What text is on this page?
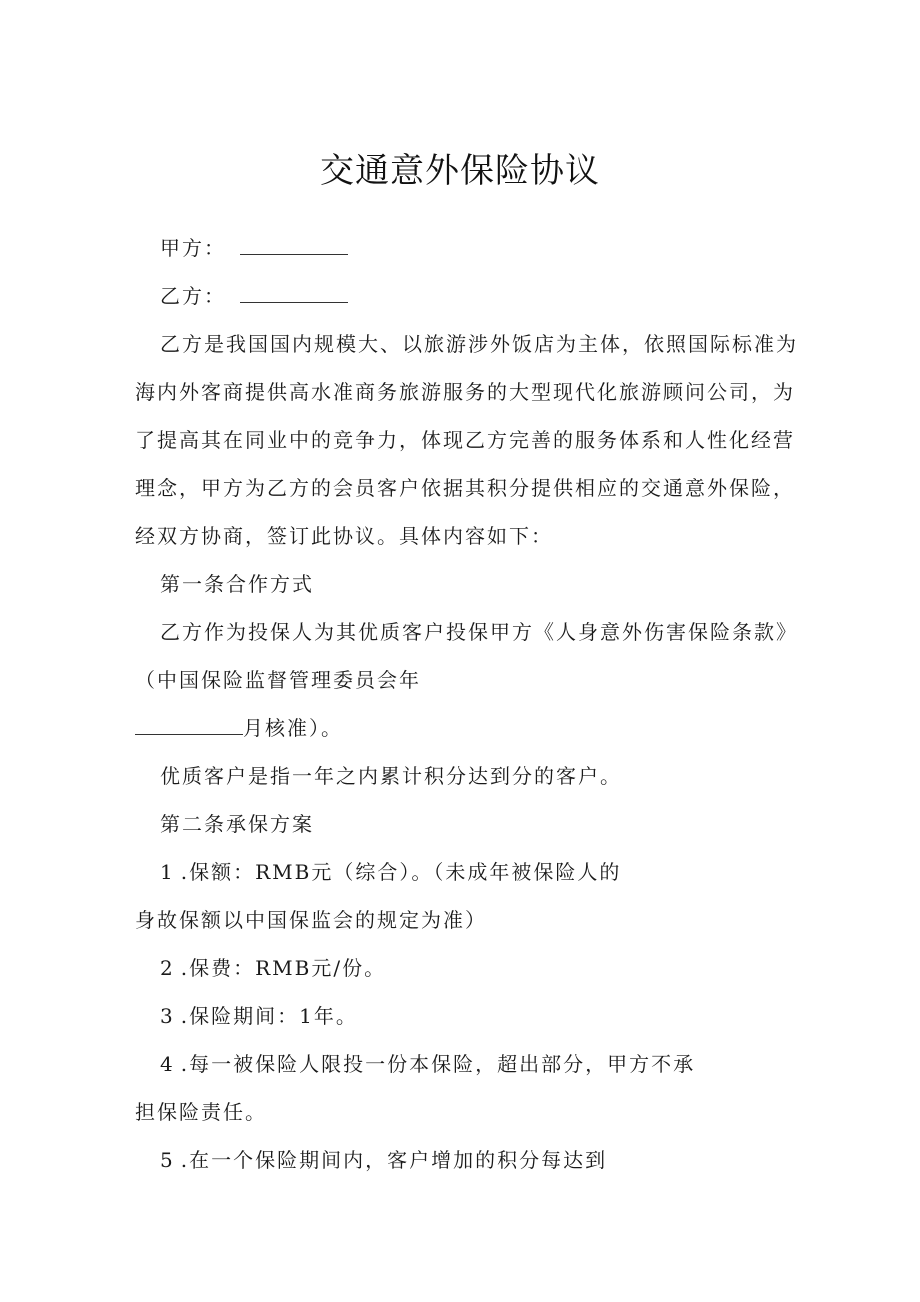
交通意外保险协议
甲方：
乙方：
乙方是我国国内规模大、以旅游涉外饭店为主体，依照国际标准为
海内外客商提供高水准商务旅游服务的大型现代化旅游顾问公司，为
了提高其在同业中的竞争力，体现乙方完善的服务体系和人性化经营
理念，甲方为乙方的会员客户依据其积分提供相应的交通意外保险，
经双方协商，签订此协议。具体内容如下：
第一条合作方式
乙方作为投保人为其优质客户投保甲方《人身意外伤害保险条款》
（中国保险监督管理委员会年
月核准）。
优质客户是指一年之内累计积分达到分的客户。
第二条承保方案
1.保额：RMB元（综合）。（未成年被保险人的
身故保额以中国保监会的规定为准）
2.保费：RMB元/份。
3.保险期间：1年。
4.每一被保险人限投一份本保险，超出部分，甲方不承
担保险责任。
5.在一个保险期间内，客户增加的积分每达到
